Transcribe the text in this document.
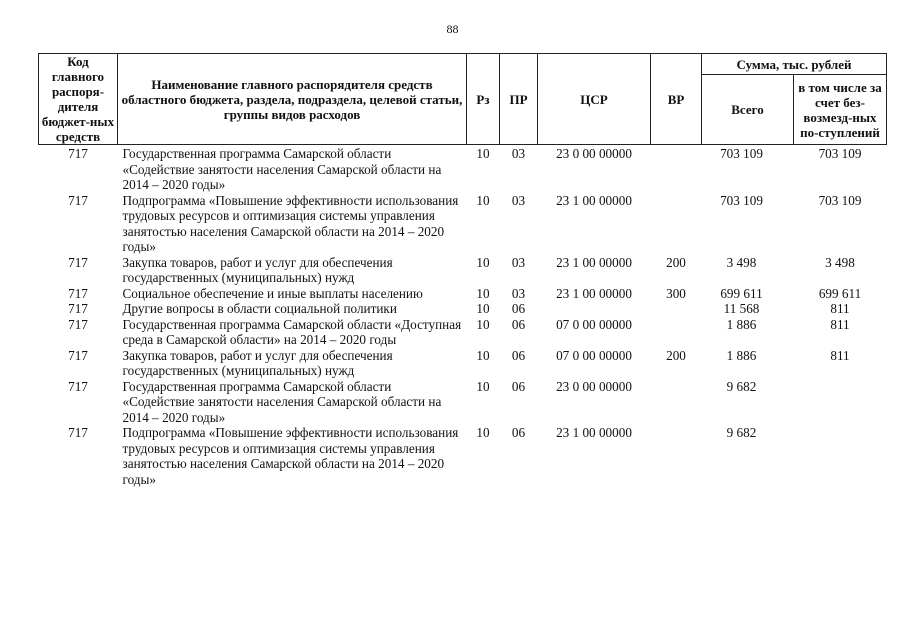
88
Код главного распоря-дителя бюджет-ных средств	Наименование главного распорядителя средств областного бюджета, раздела, подраздела, целевой статьи, группы видов расходов	Рз	ПР	ЦСР	ВР	Сумма, тыс. рублей	
						Всего	в том числе за счет без-возмезд-ных по-ступлений
717	Государственная программа Самарской области «Содействие занятости населения Самарской области на 2014 – 2020 годы»	10	03	23 0 00 00000		703 109	703 109
717	Подпрограмма «Повышение эффективности использования трудовых ресурсов и оптимизация системы управления занятостью населения Самарской области на 2014 – 2020 годы»	10	03	23 1 00 00000		703 109	703 109
717	Закупка товаров, работ и услуг для обеспечения государственных (муниципальных) нужд	10	03	23 1 00 00000	200	3 498	3 498
717	Социальное обеспечение и иные выплаты населению	10	03	23 1 00 00000	300	699 611	699 611
717	Другие вопросы в области социальной политики	10	06			11 568	811
717	Государственная программа Самарской области «Доступная среда в Самарской области» на 2014 – 2020 годы	10	06	07 0 00 00000		1 886	811
717	Закупка товаров, работ и услуг для обеспечения государственных (муниципальных) нужд	10	06	07 0 00 00000	200	1 886	811
717	Государственная программа Самарской области «Содействие занятости населения Самарской области на 2014 – 2020 годы»	10	06	23 0 00 00000		9 682	
717	Подпрограмма «Повышение эффективности использования трудовых ресурсов и оптимизация системы управления занятостью населения Самарской области на 2014 – 2020 годы»	10	06	23 1 00 00000		9 682	
